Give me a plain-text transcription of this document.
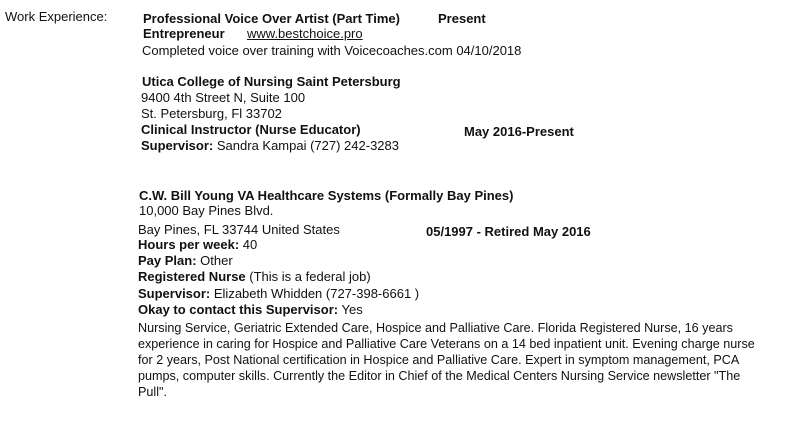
Work Experience:	Professional Voice Over Artist (Part Time)	Present
Entrepreneur www.bestchoice.pro
Completed voice over training with Voicecoaches.com 04/10/2018
Utica College of Nursing Saint Petersburg
9400 4th Street N, Suite 100
St. Petersburg, Fl 33702
Clinical Instructor (Nurse Educator)	May 2016-Present
Supervisor: Sandra Kampai (727) 242-3283
C.W. Bill Young VA Healthcare Systems (Formally Bay Pines)
10,000 Bay Pines Blvd.
Bay Pines, FL 33744 United States	05/1997 - Retired May 2016
Hours per week: 40
Pay Plan: Other
Registered Nurse (This is a federal job)
Supervisor: Elizabeth Whidden (727-398-6661 )
Okay to contact this Supervisor: Yes
Nursing Service, Geriatric Extended Care, Hospice and Palliative Care. Florida Registered Nurse, 16 years experience in caring for Hospice and Palliative Care Veterans on a 14 bed inpatient unit. Evening charge nurse for 2 years, Post National certification in Hospice and Palliative Care. Expert in symptom management, PCA pumps, computer skills. Currently the Editor in Chief of the Medical Centers Nursing Service newsletter "The Pull".
